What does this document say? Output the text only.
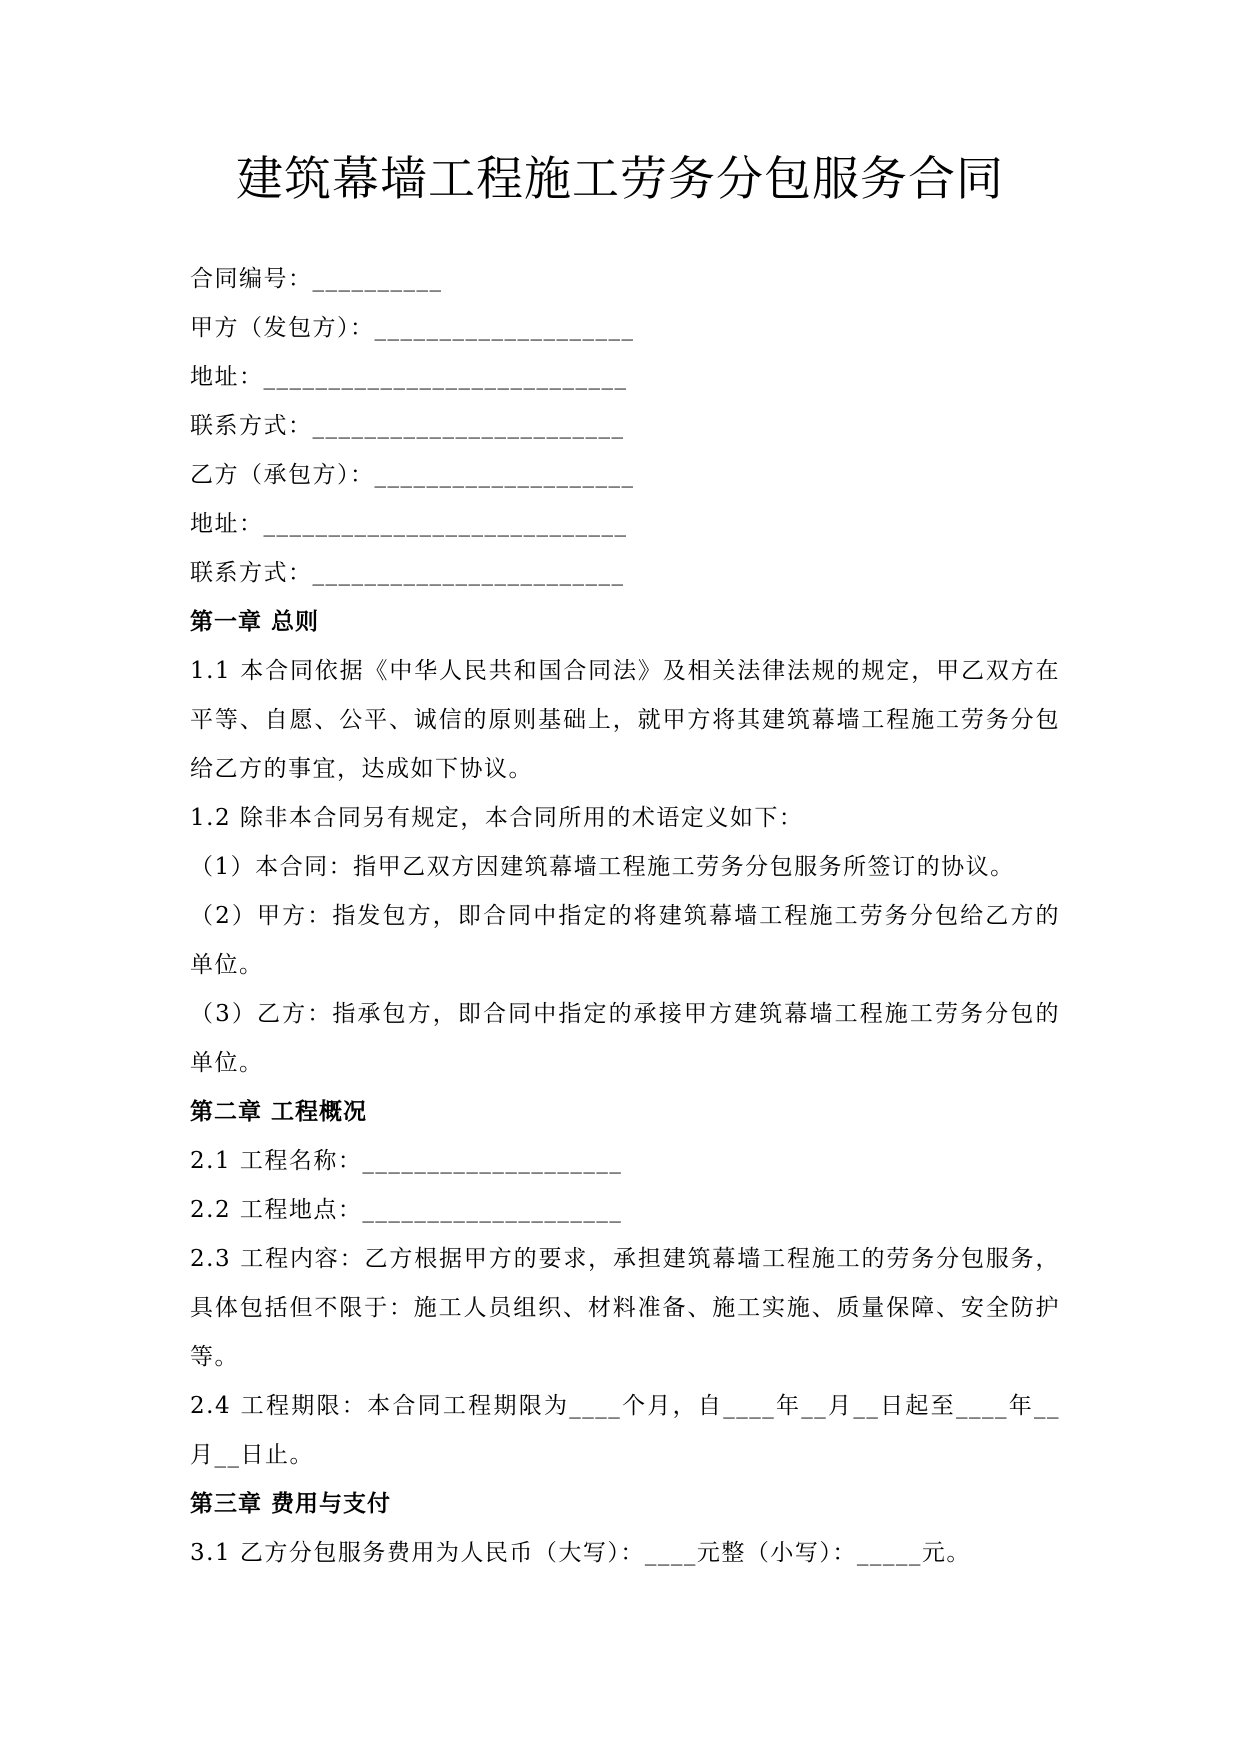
建筑幕墙工程施工劳务分包服务合同
合同编号：__________
甲方（发包方）：____________________
地址：____________________________
联系方式：________________________
乙方（承包方）：____________________
地址：____________________________
联系方式：________________________
第一章 总则
1.1 本合同依据《中华人民共和国合同法》及相关法律法规的规定，甲乙双方在平等、自愿、公平、诚信的原则基础上，就甲方将其建筑幕墙工程施工劳务分包给乙方的事宜，达成如下协议。
1.2 除非本合同另有规定，本合同所用的术语定义如下：
（1）本合同：指甲乙双方因建筑幕墙工程施工劳务分包服务所签订的协议。
（2）甲方：指发包方，即合同中指定的将建筑幕墙工程施工劳务分包给乙方的单位。
（3）乙方：指承包方，即合同中指定的承接甲方建筑幕墙工程施工劳务分包的单位。
第二章 工程概况
2.1 工程名称：____________________
2.2 工程地点：____________________
2.3 工程内容：乙方根据甲方的要求，承担建筑幕墙工程施工的劳务分包服务，具体包括但不限于：施工人员组织、材料准备、施工实施、质量保障、安全防护等。
2.4 工程期限：本合同工程期限为____个月，自____年__月__日起至____年__月__日止。
第三章 费用与支付
3.1 乙方分包服务费用为人民币（大写）：____元整（小写）：_____元。
